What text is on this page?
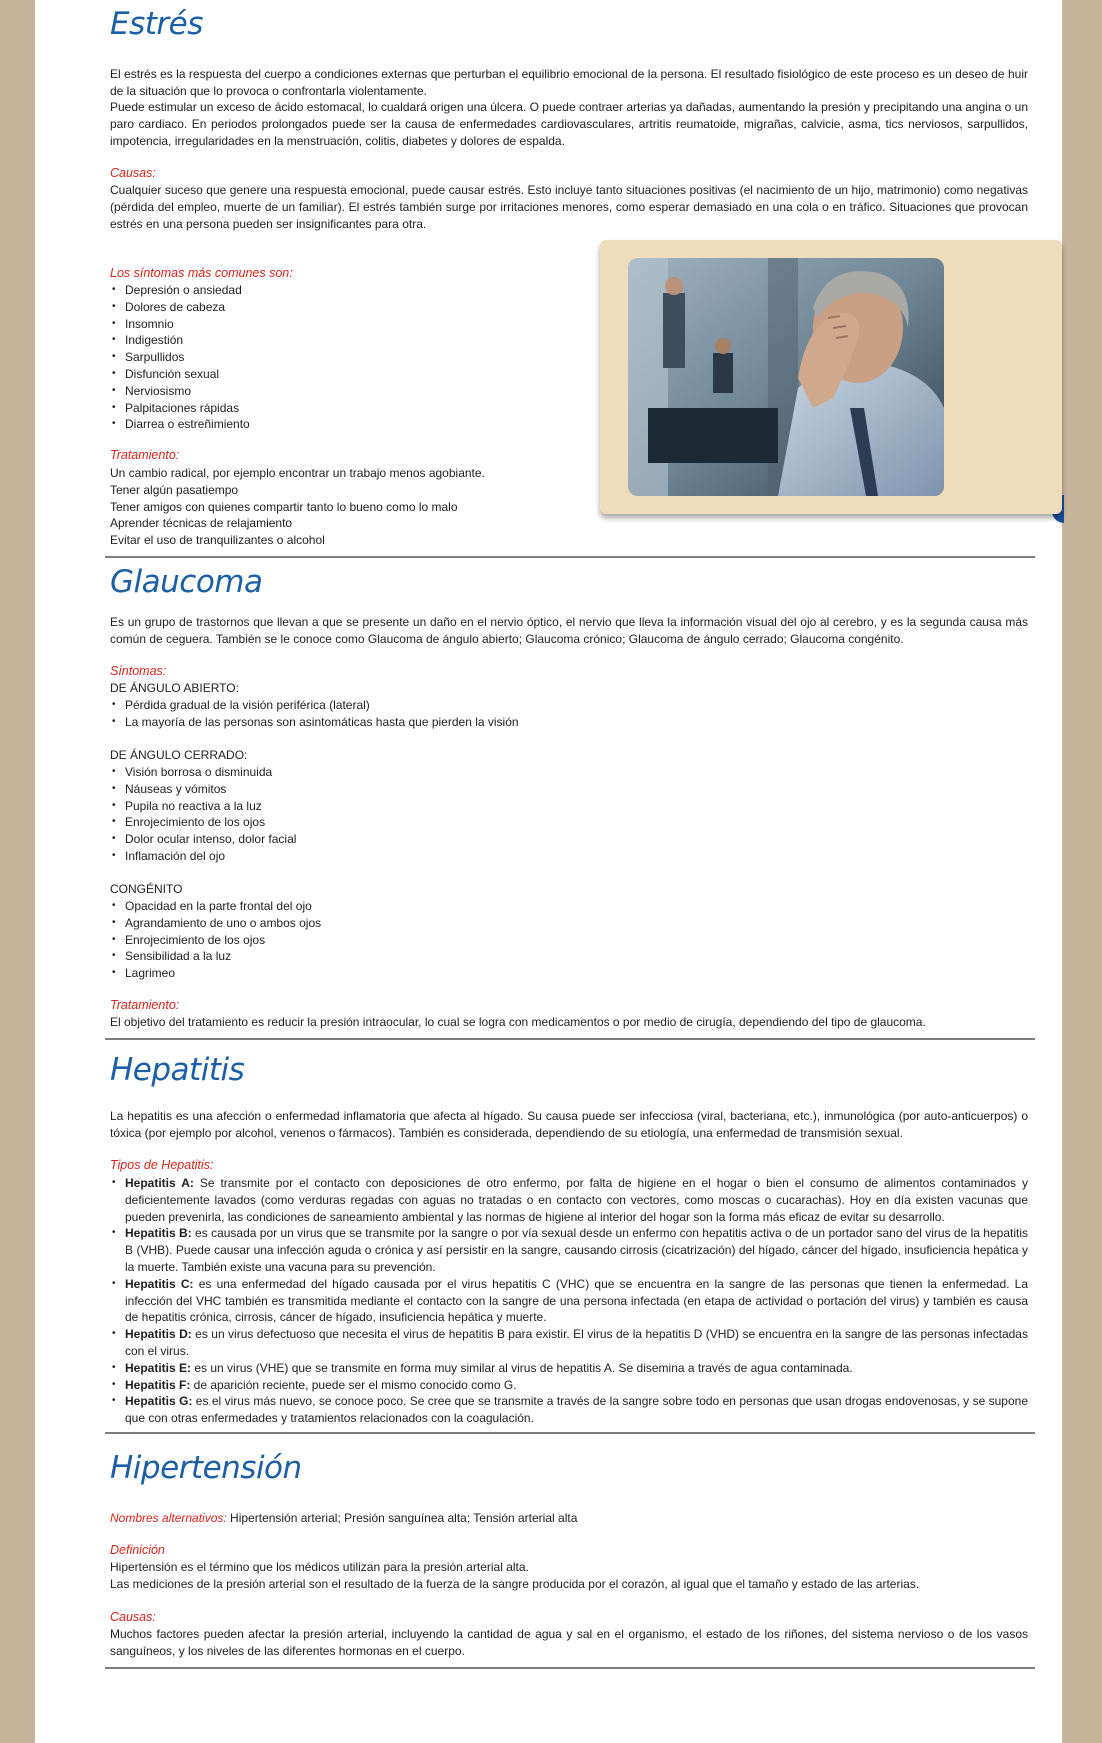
Estrés

El estrés es la respuesta del cuerpo a condiciones externas que perturban el equilibrio emocional de la persona. El resultado fisiológico de este proceso es un deseo de huir de la situación que lo provoca o confrontarla violentamente.

Puede estimular un exceso de ácido estomacal, lo cualdará origen una úlcera. O puede contraer arterias ya dañadas, aumentando la presión y precipitando una angina o un paro cardiaco. En periodos prolongados puede ser la causa de enfermedades cardiovasculares, artritis reumatoide, migrañas, calvicie, asma, tics nerviosos, sarpullidos, impotencia, irregularidades en la menstruación, colitis, diabetes y dolores de espalda.

Causas:

Cualquier suceso que genere una respuesta emocional, puede causar estrés. Esto incluye tanto situaciones positivas (el nacimiento de un hijo, matrimonio) como negativas (pérdida del empleo, muerte de un familiar). El estrés también surge por irritaciones menores, como esperar demasiado en una cola o en tráfico. Situaciones que provocan estrés en una persona pueden ser insignificantes para otra.

Los síntomas más comunes son:

• Depresión o ansiedad
• Dolores de cabeza
• Insomnio
• Indigestión
• Sarpullidos
• Disfunción sexual
• Nerviosismo
• Palpitaciones rápidas
• Diarrea o estreñimiento

Tratamiento:

Un cambio radical, por ejemplo encontrar un trabajo menos agobiante.
Tener algún pasatiempo
Tener amigos con quienes compartir tanto lo bueno como lo malo
Aprender técnicas de relajamiento
Evitar el uso de tranquilizantes o alcohol
Glaucoma

Es un grupo de trastornos que llevan a que se presente un daño en el nervio óptico, el nervio que lleva la información visual del ojo al cerebro, y es la segunda causa más común de ceguera. También se le conoce como Glaucoma de ángulo abierto; Glaucoma crónico; Glaucoma de ángulo cerrado; Glaucoma congénito.

Síntomas:

DE ÁNGULO ABIERTO:

• Pérdida gradual de la visión periférica (lateral)
• La mayoría de las personas son asintomáticas hasta que pierden la visión

DE ÁNGULO CERRADO:

• Visión borrosa o disminuida
• Náuseas y vómitos
• Pupila no reactiva a la luz
• Enrojecimiento de los ojos
• Dolor ocular intenso, dolor facial
• Inflamación del ojo

CONGÉNITO

• Opacidad en la parte frontal del ojo
• Agrandamiento de uno o ambos ojos
• Enrojecimiento de los ojos
• Sensibilidad a la luz
• Lagrimeo

Tratamiento:

El objetivo del tratamiento es reducir la presión intraocular, lo cual se logra con medicamentos o por medio de cirugía, dependiendo del tipo de glaucoma.

Hepatitis

La hepatitis es una afección o enfermedad inflamatoria que afecta al hígado. Su causa puede ser infecciosa (viral, bacteriana, etc.), inmunológica (por auto-anticuerpos) o tóxica (por ejemplo por alcohol, venenos o fármacos). También es considerada, dependiendo de su etiología, una enfermedad de transmisión sexual.

Tipos de Hepatitis:

• Hepatitis A: Se transmite por el contacto con deposiciones de otro enfermo, por falta de higiene en el hogar o bien el consumo de alimentos contaminados y deficientemente lavados (como verduras regadas con aguas no tratadas o en contacto con vectores, como moscas o cucarachas). Hoy en día existen vacunas que pueden prevenirla, las condiciones de saneamiento ambiental y las normas de higiene al interior del hogar son la forma más eficaz de evitar su desarrollo.
• Hepatitis B: es causada por un virus que se transmite por la sangre o por vía sexual desde un enfermo con hepatitis activa o de un portador sano del virus de la hepatitis B (VHB). Puede causar una infección aguda o crónica y así persistir en la sangre, causando cirrosis (cicatrización) del hígado, cáncer del hígado, insuficiencia hepática y la muerte. También existe una vacuna para su prevención.
• Hepatitis C: es una enfermedad del hígado causada por el virus hepatitis C (VHC) que se encuentra en la sangre de las personas que tienen la enfermedad. La infección del VHC también es transmitida mediante el contacto con la sangre de una persona infectada (en etapa de actividad o portación del virus) y también es causa de hepatitis crónica, cirrosis, cáncer de hígado, insuficiencia hepática y muerte.
• Hepatitis D: es un virus defectuoso que necesita el virus de hepatitis B para existir. El virus de la hepatitis D (VHD) se encuentra en la sangre de las personas infectadas con el virus.
• Hepatitis E: es un virus (VHE) que se transmite en forma muy similar al virus de hepatitis A. Se disemina a través de agua contaminada.
• Hepatitis F: de aparición reciente, puede ser el mismo conocido como G.
• Hepatitis G: es el virus más nuevo, se conoce poco. Se cree que se transmite a través de la sangre sobre todo en personas que usan drogas endovenosas, y se supone que con otras enfermedades y tratamientos relacionados con la coagulación.
Hipertensión

Nombres alternativos: Hipertensión arterial; Presión sanguínea alta; Tensión arterial alta

Definición

Hipertensión es el término que los médicos utilizan para la presión arterial alta.

Las mediciones de la presión arterial son el resultado de la fuerza de la sangre producida por el corazón, al igual que el tamaño y estado de las arterias.

Causas:

Muchos factores pueden afectar la presión arterial, incluyendo la cantidad de agua y sal en el organismo, el estado de los riñones, del sistema nervioso o de los vasos sanguíneos, y los niveles de las diferentes hormonas en el cuerpo.
